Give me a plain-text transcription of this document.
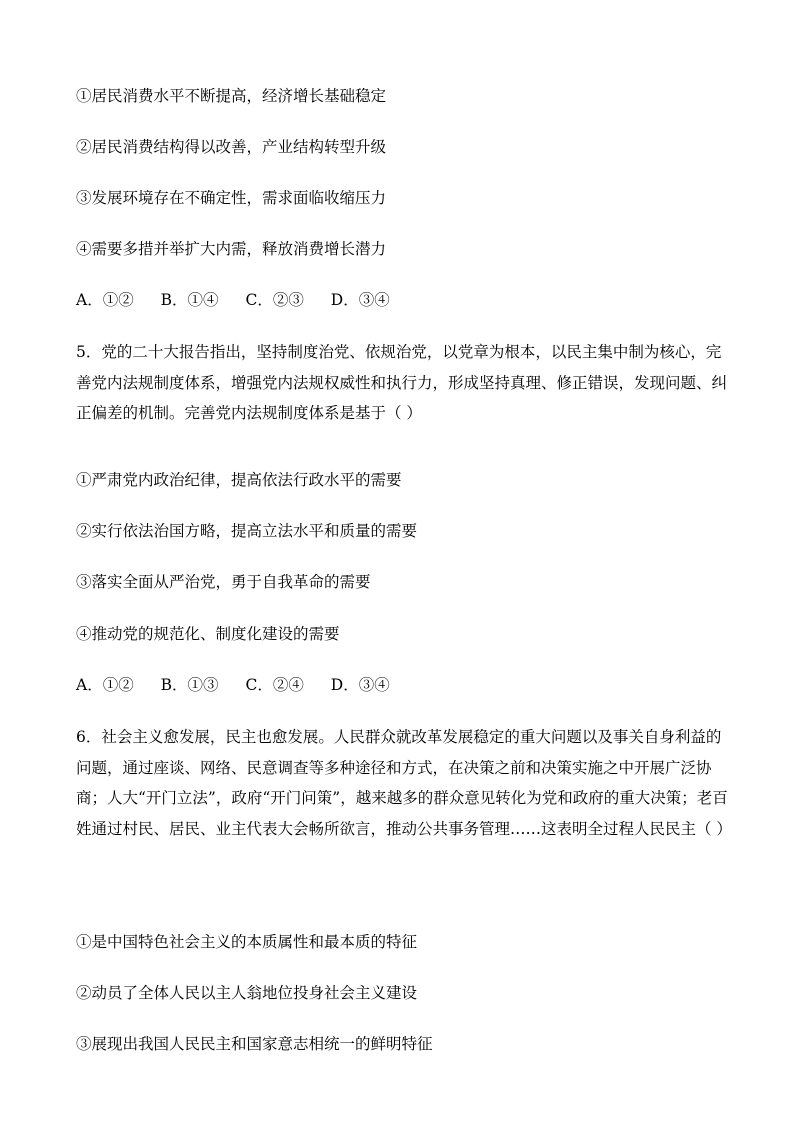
①居民消费水平不断提高，经济增长基础稳定
②居民消费结构得以改善，产业结构转型升级
③发展环境存在不确定性，需求面临收缩压力
④需要多措并举扩大内需，释放消费增长潜力
A．①② B．①④ C．②③ D．③④
5．党的二十大报告指出，坚持制度治党、依规治党，以党章为根本，以民主集中制为核心，完善党内法规制度体系，增强党内法规权威性和执行力，形成坚持真理、修正错误，发现问题、纠正偏差的机制。完善党内法规制度体系是基于（ ）
①严肃党内政治纪律，提高依法行政水平的需要
②实行依法治国方略，提高立法水平和质量的需要
③落实全面从严治党，勇于自我革命的需要
④推动党的规范化、制度化建设的需要
A．①② B．①③ C．②④ D．③④
6．社会主义愈发展，民主也愈发展。人民群众就改革发展稳定的重大问题以及事关自身利益的问题，通过座谈、网络、民意调查等多种途径和方式，在决策之前和决策实施之中开展广泛协商；人大“开门立法”，政府“开门问策”，越来越多的群众意见转化为党和政府的重大决策；老百姓通过村民、居民、业主代表大会畅所欲言，推动公共事务管理……这表明全过程人民民主（ ）
①是中国特色社会主义的本质属性和最本质的特征
②动员了全体人民以主人翁地位投身社会主义建设
③展现出我国人民民主和国家意志相统一的鲜明特征
